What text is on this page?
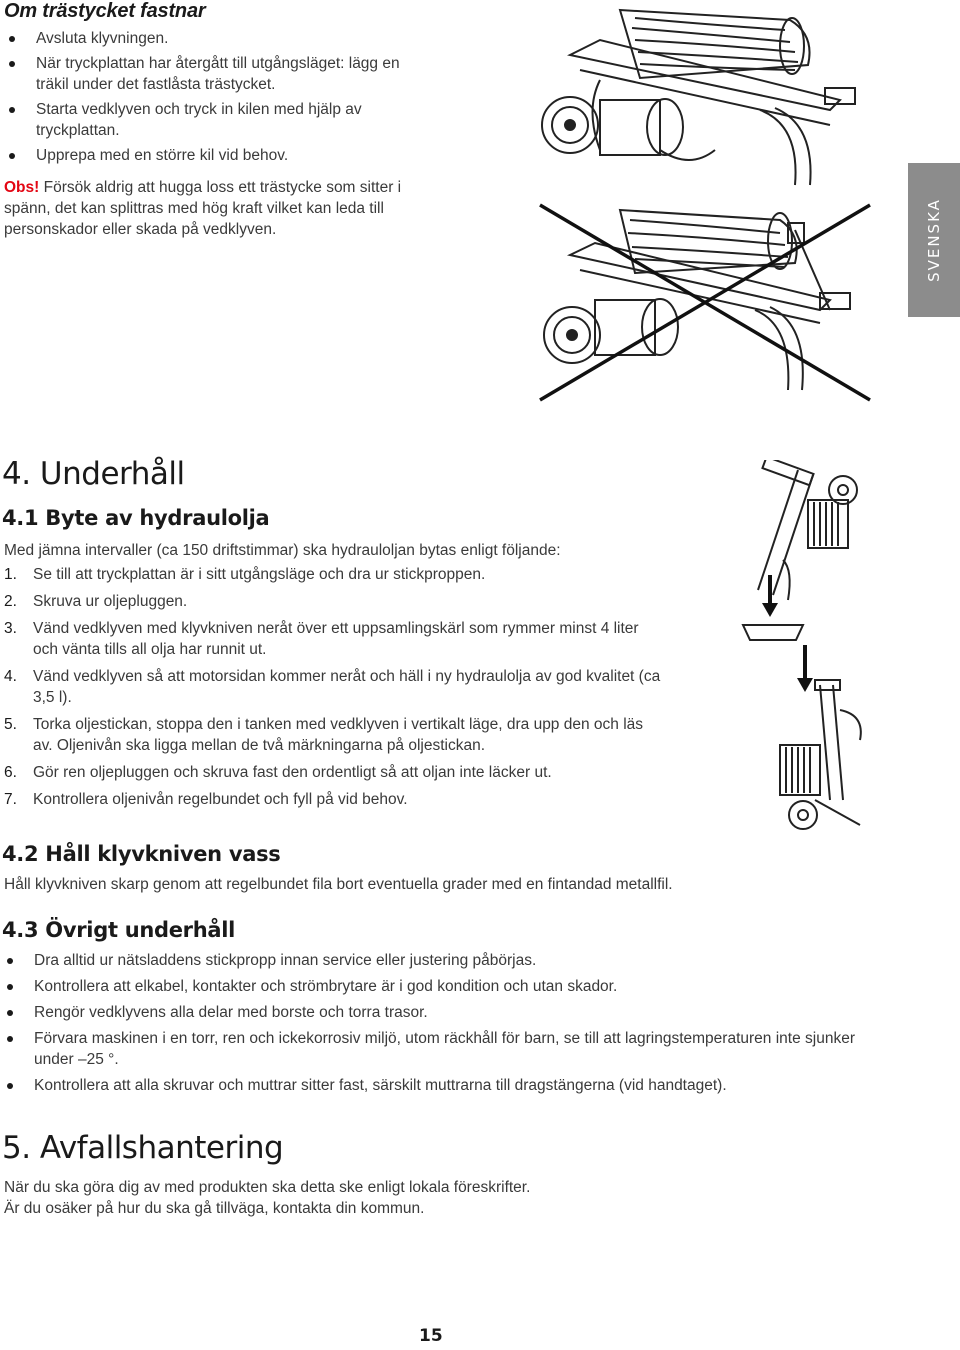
Om trästycket fastnar
Avsluta klyvningen.
När tryckplattan har återgått till utgångsläget: lägg en träkil under det fastlåsta trästycket.
Starta vedklyven och tryck in kilen med hjälp av tryckplattan.
Upprepa med en större kil vid behov.

Obs! Försök aldrig att hugga loss ett trästycke som sitter i spänn, det kan splittras med hög kraft vilket kan leda till personskador eller skada på vedklyven.	SVENSKA
4. Underhåll
4.1 Byte av hydraulolja
Med jämna intervaller (ca 150 driftstimmar) ska hydrauloljan bytas enligt följande:
1. Se till att tryckplattan är i sitt utgångsläge och dra ur stickproppen.
2. Skruva ur oljepluggen.
3. Vänd vedklyven med klyvkniven neråt över ett uppsamlingskärl som rymmer minst 4 liter och vänta tills all olja har runnit ut.
4. Vänd vedklyven så att motorsidan kommer neråt och häll i ny hydraulolja av god kvalitet (ca 3,5 l).
5. Torka oljestickan, stoppa den i tanken med vedklyven i vertikalt läge, dra upp den och läs av. Oljenivån ska ligga mellan de två märkningarna på oljestickan.
6. Gör ren oljepluggen och skruva fast den ordentligt så att oljan inte läcker ut.
7. Kontrollera oljenivån regelbundet och fyll på vid behov.
4.2 Håll klyvkniven vass
Håll klyvkniven skarp genom att regelbundet fila bort eventuella grader med en fintandad metallfil.
4.3 Övrigt underhåll
Dra alltid ur nätsladdens stickpropp innan service eller justering påbörjas.
Kontrollera att elkabel, kontakter och strömbrytare är i god kondition och utan skador.
Rengör vedklyvens alla delar med borste och torra trasor.
Förvara maskinen i en torr, ren och ickekorrosiv miljö, utom räckhåll för barn, se till att lagringstemperaturen inte sjunker under –25 °.
Kontrollera att alla skruvar och muttrar sitter fast, särskilt muttrarna till dragstängerna (vid handtaget).
5. Avfallshantering
När du ska göra dig av med produkten ska detta ske enligt lokala föreskrifter.
Är du osäker på hur du ska gå tillväga, kontakta din kommun.
15
